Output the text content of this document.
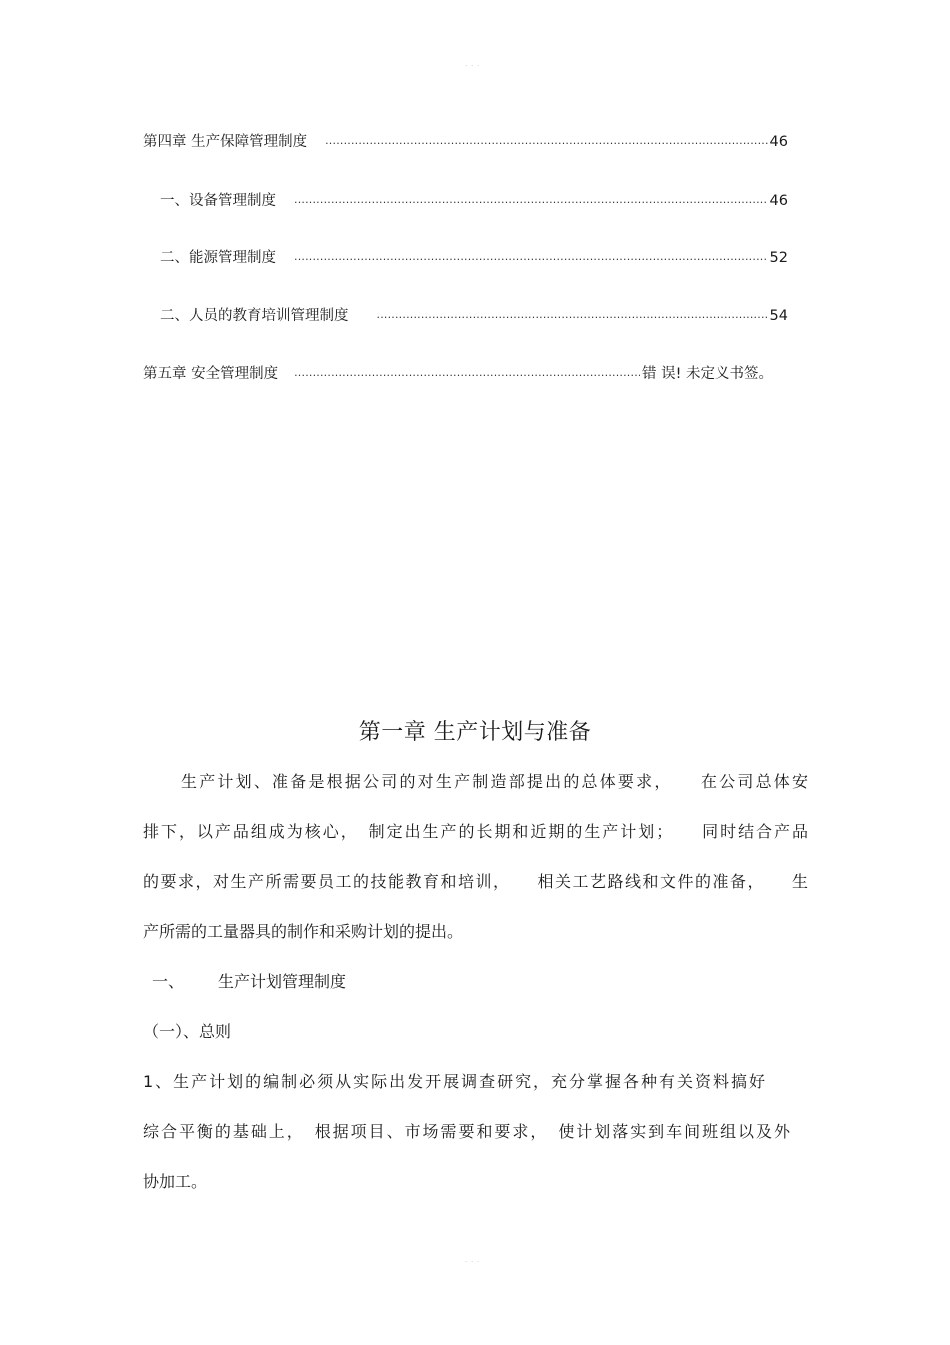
- - -
第四章 生产保障管理制度 .....	46
一、设备管理制度 .....	46
二、能源管理制度 .....	52
二、人员的教育培训管理制度 .....	54
第五章 安全管理制度 .....	错 误! 未定义书签。
第一章 生产计划与准备
生产计划、准备是根据公司的对生产制造部提出的总体要求，　　在公司总体安
排下，以产品组成为核心，　制定出生产的长期和近期的生产计划；　　同时结合产品
的要求，对生产所需要员工的技能教育和培训，　　相关工艺路线和文件的准备，　　生
产所需的工量器具的制作和采购计划的提出。
一、 生产计划管理制度
（一）、总则
1、生产计划的编制必须从实际出发开展调查研究，充分掌握各种有关资料搞好
综合平衡的基础上，　根据项目、市场需要和要求，　使计划落实到车间班组以及外
协加工。
- - -
